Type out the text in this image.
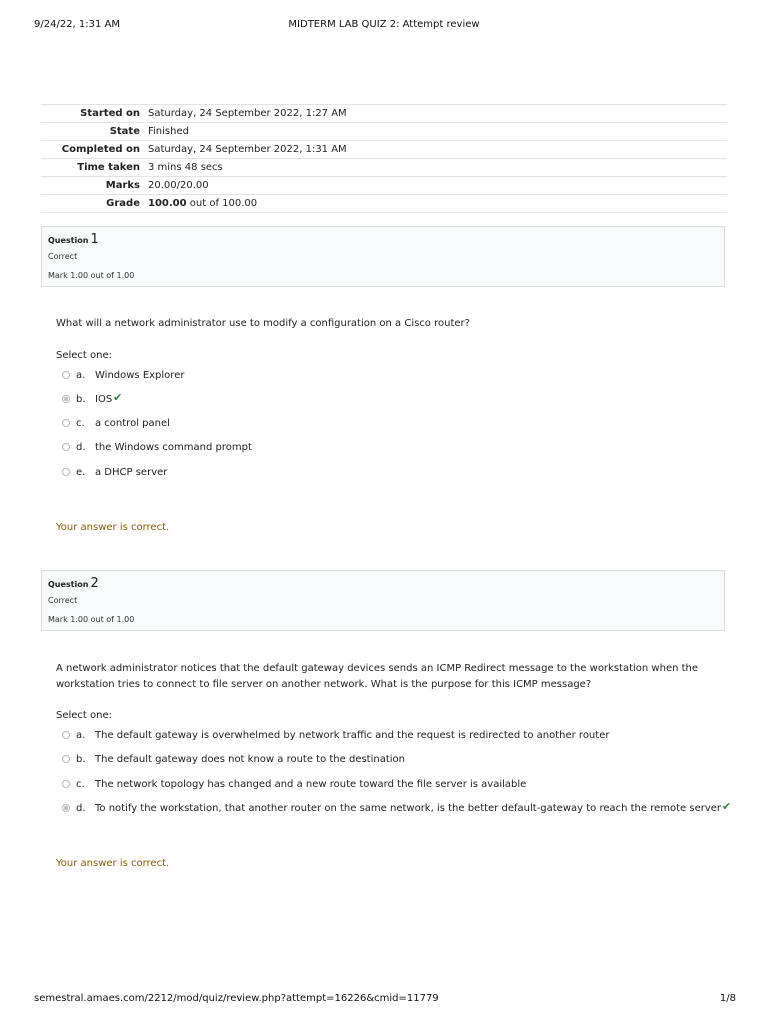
9/24/22, 1:31 AM	MIDTERM LAB QUIZ 2: Attempt review
Started on	Saturday, 24 September 2022, 1:27 AM
State	Finished
Completed on	Saturday, 24 September 2022, 1:31 AM
Time taken	3 mins 48 secs
Marks	20.00/20.00
Grade	100.00 out of 100.00
Question 1
Correct
Mark 1.00 out of 1.00
What will a network administrator use to modify a configuration on a Cisco router?
Select one:
a. Windows Explorer
b. IOS ✔
c.	a control panel
d. the Windows command prompt
e. a DHCP server
Your answer is correct.
Question 2
Correct
Mark 1.00 out of 1.00
A network administrator notices that the default gateway devices sends an ICMP Redirect message to the workstation when the workstation tries to connect to file server on another network. What is the purpose for this ICMP message?
Select one:
a. The default gateway is overwhelmed by network traffic and the request is redirected to another router
b. The default gateway does not know a route to the destination
c.	The network topology has changed and a new route toward the file server is available
d. To notify the workstation, that another router on the same network, is the better default-gateway to reach the remote server ✔
Your answer is correct.
semestral.amaes.com/2212/mod/quiz/review.php?attempt=16226&cmid=11779	1/8
